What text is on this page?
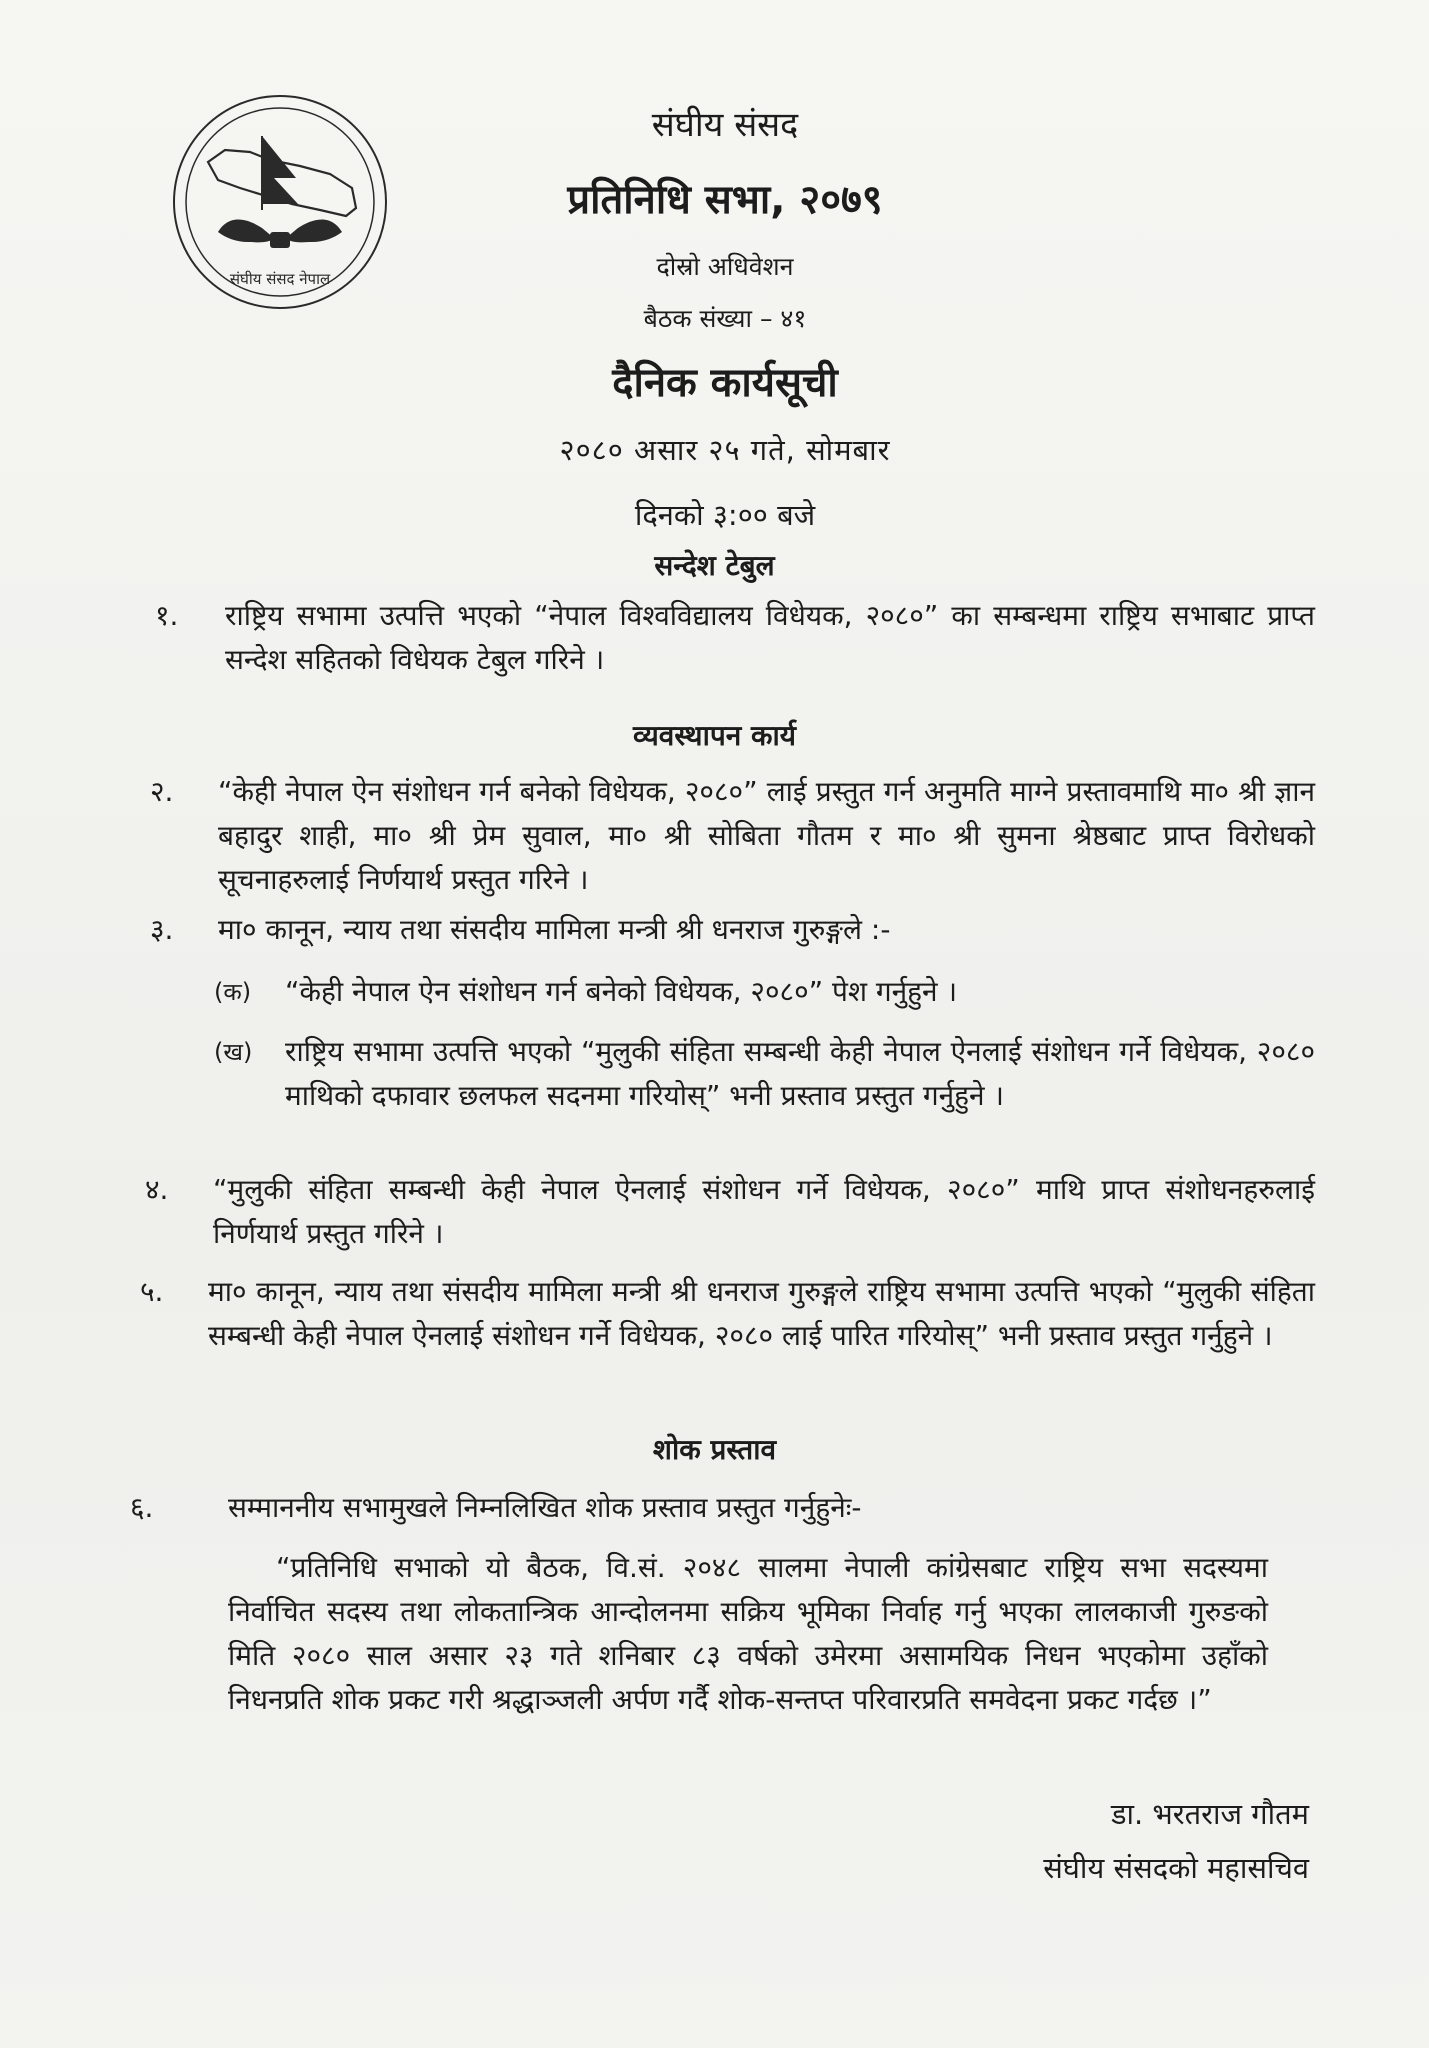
संघीय संसद नेपाल
संघीय संसद
प्रतिनिधि सभा, २०७९
दोस्रो अधिवेशन
बैठक संख्या – ४१
दैनिक कार्यसूची
२०८० असार २५ गते, सोमबार
दिनको ३:०० बजे
सन्देश टेबुल
१. राष्ट्रिय सभामा उत्पत्ति भएको “नेपाल विश्वविद्यालय विधेयक, २०८०” का सम्बन्धमा राष्ट्रिय सभाबाट प्राप्त सन्देश सहितको विधेयक टेबुल गरिने ।
व्यवस्थापन कार्य
२. “केही नेपाल ऐन संशोधन गर्न बनेको विधेयक, २०८०” लाई प्रस्तुत गर्न अनुमति माग्ने प्रस्तावमाथि मा० श्री ज्ञान बहादुर शाही, मा० श्री प्रेम सुवाल, मा० श्री सोबिता गौतम र मा० श्री सुमना श्रेष्ठबाट प्राप्त विरोधको सूचनाहरुलाई निर्णयार्थ प्रस्तुत गरिने ।
३. मा० कानून, न्याय तथा संसदीय मामिला मन्त्री श्री धनराज गुरुङ्गले :-
(क) “केही नेपाल ऐन संशोधन गर्न बनेको विधेयक, २०८०” पेश गर्नुहुने ।
(ख) राष्ट्रिय सभामा उत्पत्ति भएको “मुलुकी संहिता सम्बन्धी केही नेपाल ऐनलाई संशोधन गर्ने विधेयक, २०८० माथिको दफावार छलफल सदनमा गरियोस्” भनी प्रस्ताव प्रस्तुत गर्नुहुने ।
४. “मुलुकी संहिता सम्बन्धी केही नेपाल ऐनलाई संशोधन गर्ने विधेयक, २०८०” माथि प्राप्त संशोधनहरुलाई निर्णयार्थ प्रस्तुत गरिने ।
५. मा० कानून, न्याय तथा संसदीय मामिला मन्त्री श्री धनराज गुरुङ्गले राष्ट्रिय सभामा उत्पत्ति भएको “मुलुकी संहिता सम्बन्धी केही नेपाल ऐनलाई संशोधन गर्ने विधेयक, २०८० लाई पारित गरियोस्” भनी प्रस्ताव प्रस्तुत गर्नुहुने ।
शोक प्रस्ताव
६.	सम्माननीय सभामुखले निम्नलिखित शोक प्रस्ताव प्रस्तुत गर्नुहुनेः-
“प्रतिनिधि सभाको यो बैठक, वि.सं. २०४८ सालमा नेपाली कांग्रेसबाट राष्ट्रिय सभा सदस्यमा निर्वाचित सदस्य तथा लोकतान्त्रिक आन्दोलनमा सक्रिय भूमिका निर्वाह गर्नु भएका लालकाजी गुरुङको मिति २०८० साल असार २३ गते शनिबार ८३ वर्षको उमेरमा असामयिक निधन भएकोमा उहाँको निधनप्रति शोक प्रकट गरी श्रद्धाञ्जली अर्पण गर्दै शोक-सन्तप्त परिवारप्रति समवेदना प्रकट गर्दछ ।”
डा. भरतराज गौतम
संघीय संसदको महासचिव
